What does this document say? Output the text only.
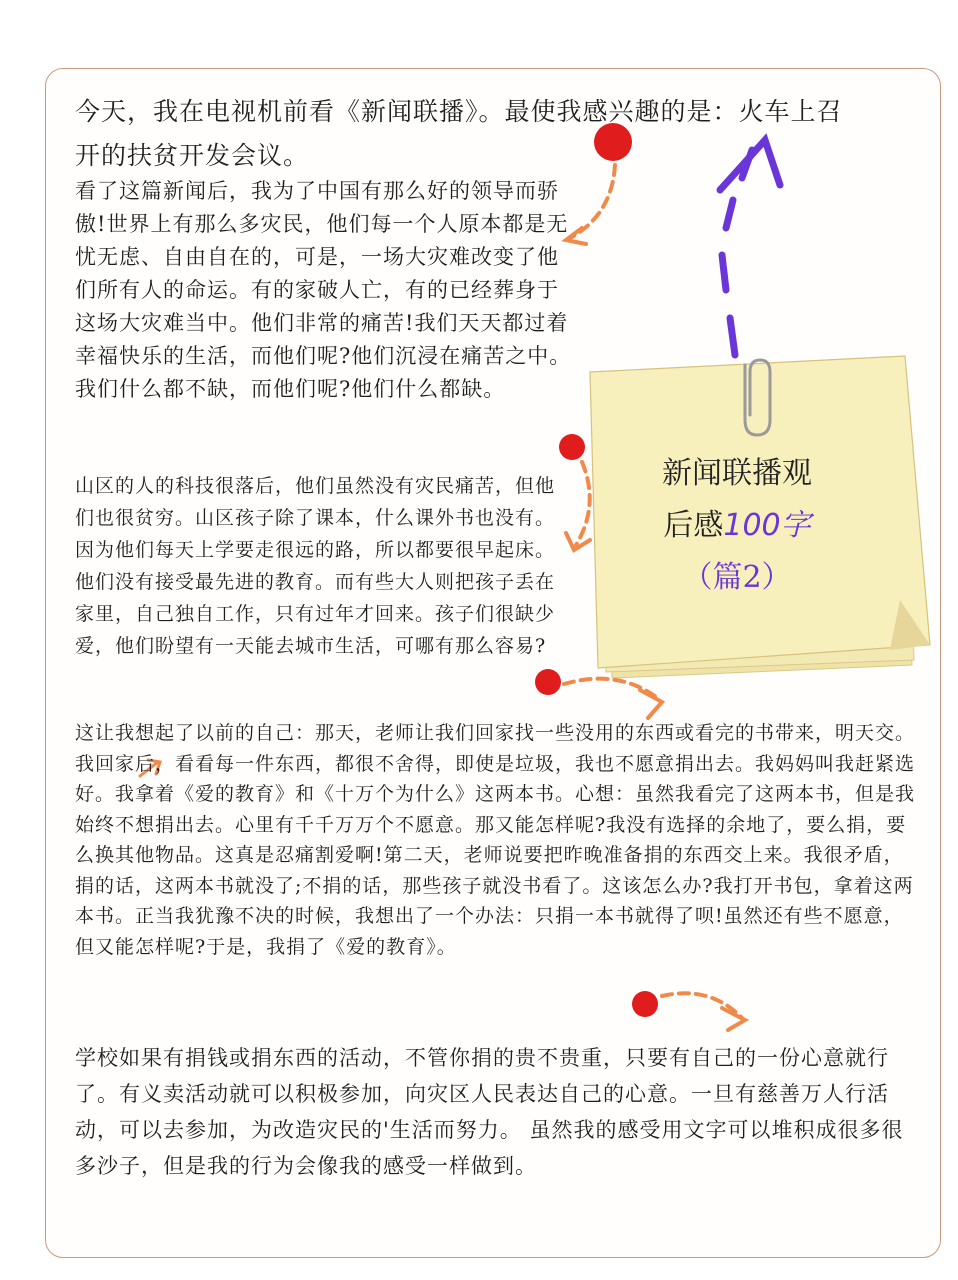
新闻联播观
后感100字

（篇2）

今天，我在电视机前看《新闻联播》。最使我感兴趣的是：火车上召开的扶贫开发会议。

看了这篇新闻后，我为了中国有那么好的领导而骄傲!世界上有那么多灾民，他们每一个人原本都是无忧无虑、自由自在的，可是，一场大灾难改变了他们所有人的命运。有的家破人亡，有的已经葬身于这场大灾难当中。他们非常的痛苦!我们天天都过着幸福快乐的生活，而他们呢?他们沉浸在痛苦之中。我们什么都不缺，而他们呢?他们什么都缺。

山区的人的科技很落后，他们虽然没有灾民痛苦，但他们也很贫穷。山区孩子除了课本，什么课外书也没有。因为他们每天上学要走很远的路，所以都要很早起床。他们没有接受最先进的教育。而有些大人则把孩子丢在家里，自己独自工作，只有过年才回来。孩子们很缺少爱，他们盼望有一天能去城市生活，可哪有那么容易?

这让我想起了以前的自己：那天，老师让我们回家找一些没用的东西或看完的书带来，明天交。我回家后，看看每一件东西，都很不舍得，即使是垃圾，我也不愿意捐出去。我妈妈叫我赶紧选好。我拿着《爱的教育》和《十万个为什么》这两本书。心想：虽然我看完了这两本书，但是我始终不想捐出去。心里有千千万万个不愿意。那又能怎样呢?我没有选择的余地了，要么捐，要么换其他物品。这真是忍痛割爱啊!第二天，老师说要把昨晚准备捐的东西交上来。我很矛盾，捐的话，这两本书就没了;不捐的话，那些孩子就没书看了。这该怎么办?我打开书包，拿着这两本书。正当我犹豫不决的时候，我想出了一个办法：只捐一本书就得了呗!虽然还有些不愿意，但又能怎样呢?于是，我捐了《爱的教育》。

学校如果有捐钱或捐东西的活动，不管你捐的贵不贵重，只要有自己的一份心意就行了。有义卖活动就可以积极参加，向灾区人民表达自己的心意。一旦有慈善万人行活动，可以去参加，为改造灾民的'生活而努力。 虽然我的感受用文字可以堆积成很多很多沙子，但是我的行为会像我的感受一样做到。
